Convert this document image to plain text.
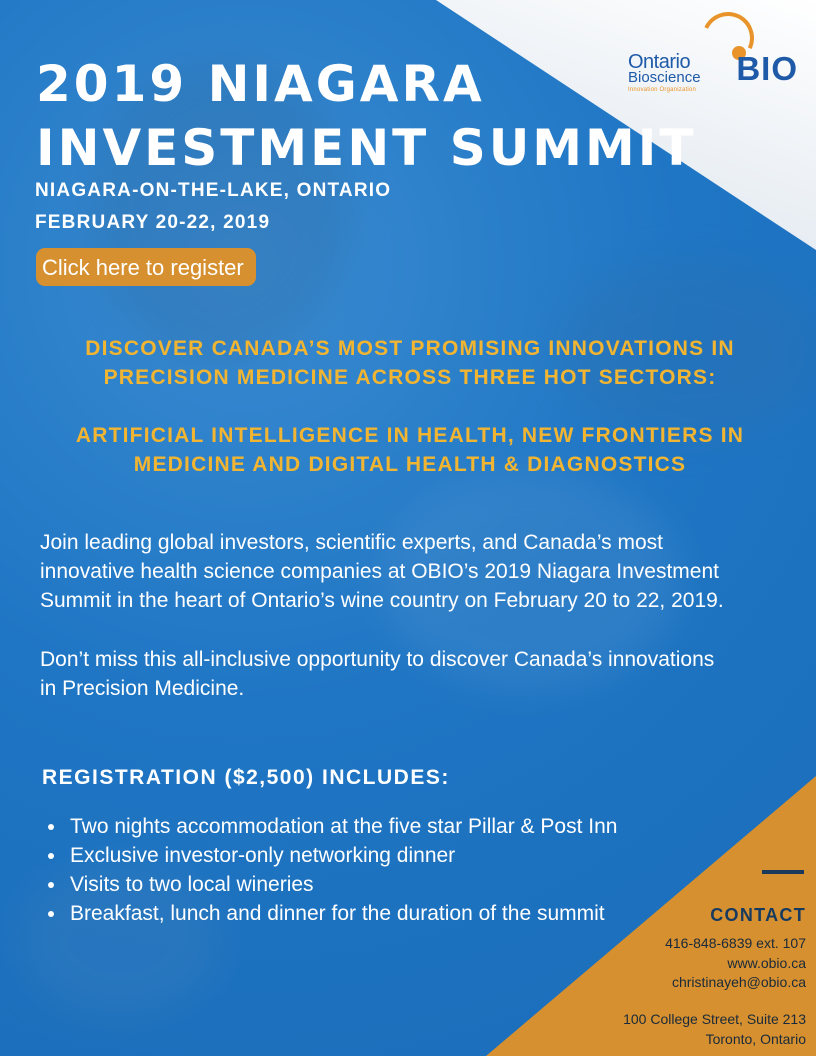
Ontario
Bioscience
Innovation Organization
BIO
2019 NIAGARA
INVESTMENT SUMMIT

NIAGARA-ON-THE-LAKE, ONTARIO

FEBRUARY 20-22, 2019

Click here to register

DISCOVER CANADA’S MOST PROMISING INNOVATIONS IN
PRECISION MEDICINE ACROSS THREE HOT SECTORS:

ARTIFICIAL INTELLIGENCE IN HEALTH, NEW FRONTIERS IN
MEDICINE AND DIGITAL HEALTH & DIAGNOSTICS

Join leading global investors, scientific experts, and Canada’s most
innovative health science companies at OBIO’s 2019 Niagara Investment
Summit in the heart of Ontario’s wine country on February 20 to 22, 2019.

Don’t miss this all-inclusive opportunity to discover Canada’s innovations
in Precision Medicine.

REGISTRATION ($2,500) INCLUDES:
Two nights accommodation at the five star Pillar & Post Inn
Exclusive investor-only networking dinner
Visits to two local wineries
Breakfast, lunch and dinner for the duration of the summit	CONTACT
416-848-6839 ext. 107
www.obio.ca
christinayeh@obio.ca
100 College Street, Suite 213
Toronto, Ontario
